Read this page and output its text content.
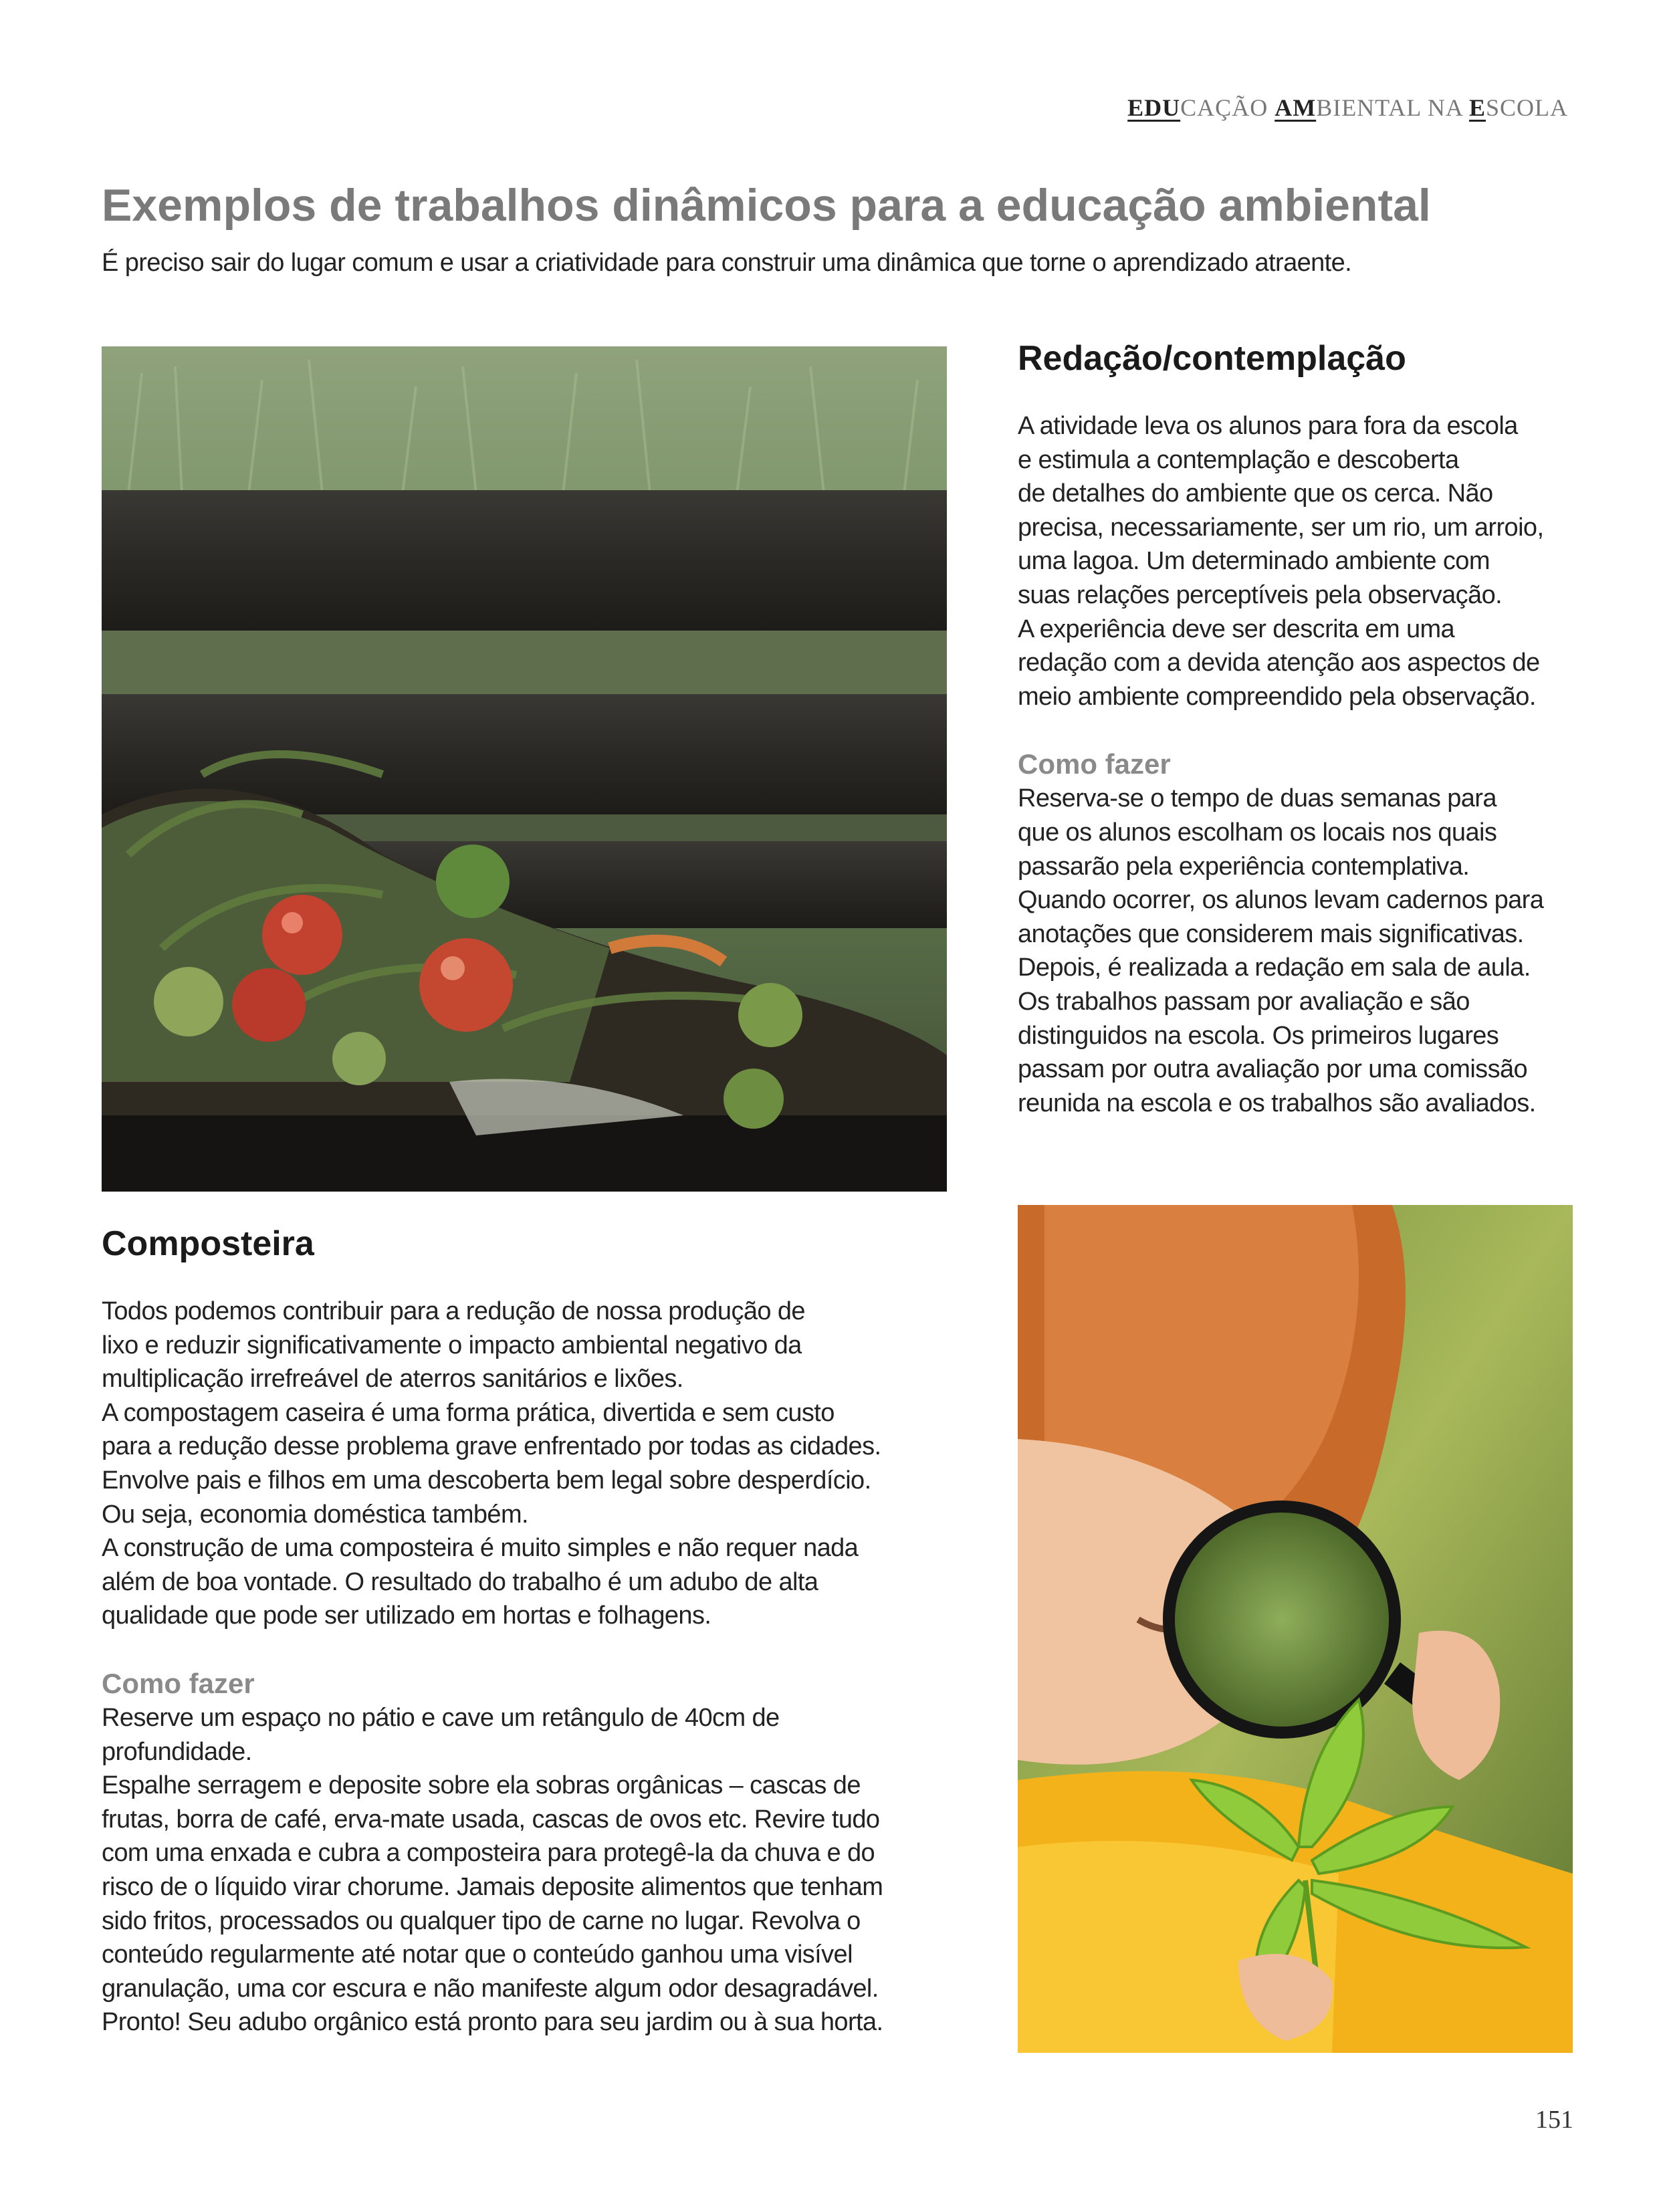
EDUCAÇÃO AMBIENTAL NA ESCOLA
Exemplos de trabalhos dinâmicos para a educação ambiental

É preciso sair do lugar comum e usar a criatividade para construir uma dinâmica que torne o aprendizado atraente.

Redação/contemplação

A atividade leva os alunos para fora da escola
e estimula a contemplação e descoberta
de detalhes do ambiente que os cerca. Não
precisa, necessariamente, ser um rio, um arroio,
uma lagoa. Um determinado ambiente com
suas relações perceptíveis pela observação.
A experiência deve ser descrita em uma
redação com a devida atenção aos aspectos de
meio ambiente compreendido pela observação.

Como fazer

Reserva-se o tempo de duas semanas para
que os alunos escolham os locais nos quais
passarão pela experiência contemplativa.
Quando ocorrer, os alunos levam cadernos para
anotações que considerem mais significativas.
Depois, é realizada a redação em sala de aula.
Os trabalhos passam por avaliação e são
distinguidos na escola. Os primeiros lugares
passam por outra avaliação por uma comissão
reunida na escola e os trabalhos são avaliados.

Composteira

Todos podemos contribuir para a redução de nossa produção de
lixo e reduzir significativamente o impacto ambiental negativo da
multiplicação irrefreável de aterros sanitários e lixões.
A compostagem caseira é uma forma prática, divertida e sem custo
para a redução desse problema grave enfrentado por todas as cidades.
Envolve pais e filhos em uma descoberta bem legal sobre desperdício.
Ou seja, economia doméstica também.
A construção de uma composteira é muito simples e não requer nada
além de boa vontade. O resultado do trabalho é um adubo de alta
qualidade que pode ser utilizado em hortas e folhagens.

Como fazer

Reserve um espaço no pátio e cave um retângulo de 40cm de
profundidade.
Espalhe serragem e deposite sobre ela sobras orgânicas – cascas de
frutas, borra de café, erva-mate usada, cascas de ovos etc. Revire tudo
com uma enxada e cubra a composteira para protegê-la da chuva e do
risco de o líquido virar chorume. Jamais deposite alimentos que tenham
sido fritos, processados ou qualquer tipo de carne no lugar. Revolva o
conteúdo regularmente até notar que o conteúdo ganhou uma visível
granulação, uma cor escura e não manifeste algum odor desagradável.
Pronto! Seu adubo orgânico está pronto para seu jardim ou à sua horta.

151
